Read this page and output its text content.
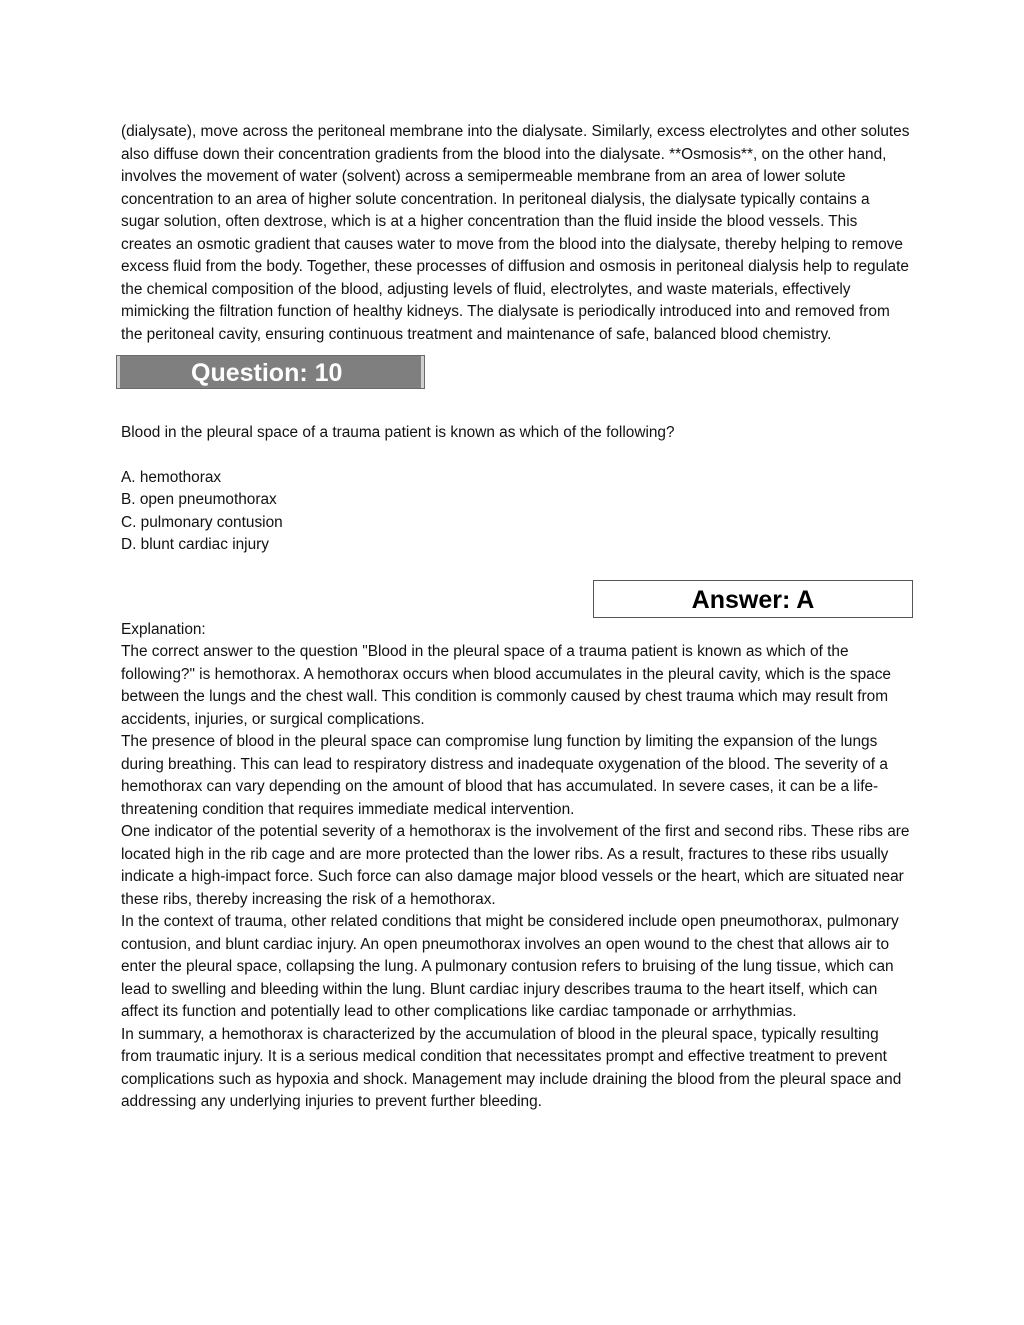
(dialysate), move across the peritoneal membrane into the dialysate. Similarly, excess electrolytes and other solutes also diffuse down their concentration gradients from the blood into the dialysate. **Osmosis**, on the other hand, involves the movement of water (solvent) across a semipermeable membrane from an area of lower solute concentration to an area of higher solute concentration. In peritoneal dialysis, the dialysate typically contains a sugar solution, often dextrose, which is at a higher concentration than the fluid inside the blood vessels. This creates an osmotic gradient that causes water to move from the blood into the dialysate, thereby helping to remove excess fluid from the body. Together, these processes of diffusion and osmosis in peritoneal dialysis help to regulate the chemical composition of the blood, adjusting levels of fluid, electrolytes, and waste materials, effectively mimicking the filtration function of healthy kidneys. The dialysate is periodically introduced into and removed from the peritoneal cavity, ensuring continuous treatment and maintenance of safe, balanced blood chemistry.

Question: 10

Blood in the pleural space of a trauma patient is known as which of the following?

A. hemothorax
B. open pneumothorax
C. pulmonary contusion
D. blunt cardiac injury
Answer: A

Explanation:

The correct answer to the question "Blood in the pleural space of a trauma patient is known as which of the following?" is hemothorax. A hemothorax occurs when blood accumulates in the pleural cavity, which is the space between the lungs and the chest wall. This condition is commonly caused by chest trauma which may result from accidents, injuries, or surgical complications.

The presence of blood in the pleural space can compromise lung function by limiting the expansion of the lungs during breathing. This can lead to respiratory distress and inadequate oxygenation of the blood. The severity of a hemothorax can vary depending on the amount of blood that has accumulated. In severe cases, it can be a life-threatening condition that requires immediate medical intervention.

One indicator of the potential severity of a hemothorax is the involvement of the first and second ribs. These ribs are located high in the rib cage and are more protected than the lower ribs. As a result, fractures to these ribs usually indicate a high-impact force. Such force can also damage major blood vessels or the heart, which are situated near these ribs, thereby increasing the risk of a hemothorax.

In the context of trauma, other related conditions that might be considered include open pneumothorax, pulmonary contusion, and blunt cardiac injury. An open pneumothorax involves an open wound to the chest that allows air to enter the pleural space, collapsing the lung. A pulmonary contusion refers to bruising of the lung tissue, which can lead to swelling and bleeding within the lung. Blunt cardiac injury describes trauma to the heart itself, which can affect its function and potentially lead to other complications like cardiac tamponade or arrhythmias.

In summary, a hemothorax is characterized by the accumulation of blood in the pleural space, typically resulting from traumatic injury. It is a serious medical condition that necessitates prompt and effective treatment to prevent complications such as hypoxia and shock. Management may include draining the blood from the pleural space and addressing any underlying injuries to prevent further bleeding.
